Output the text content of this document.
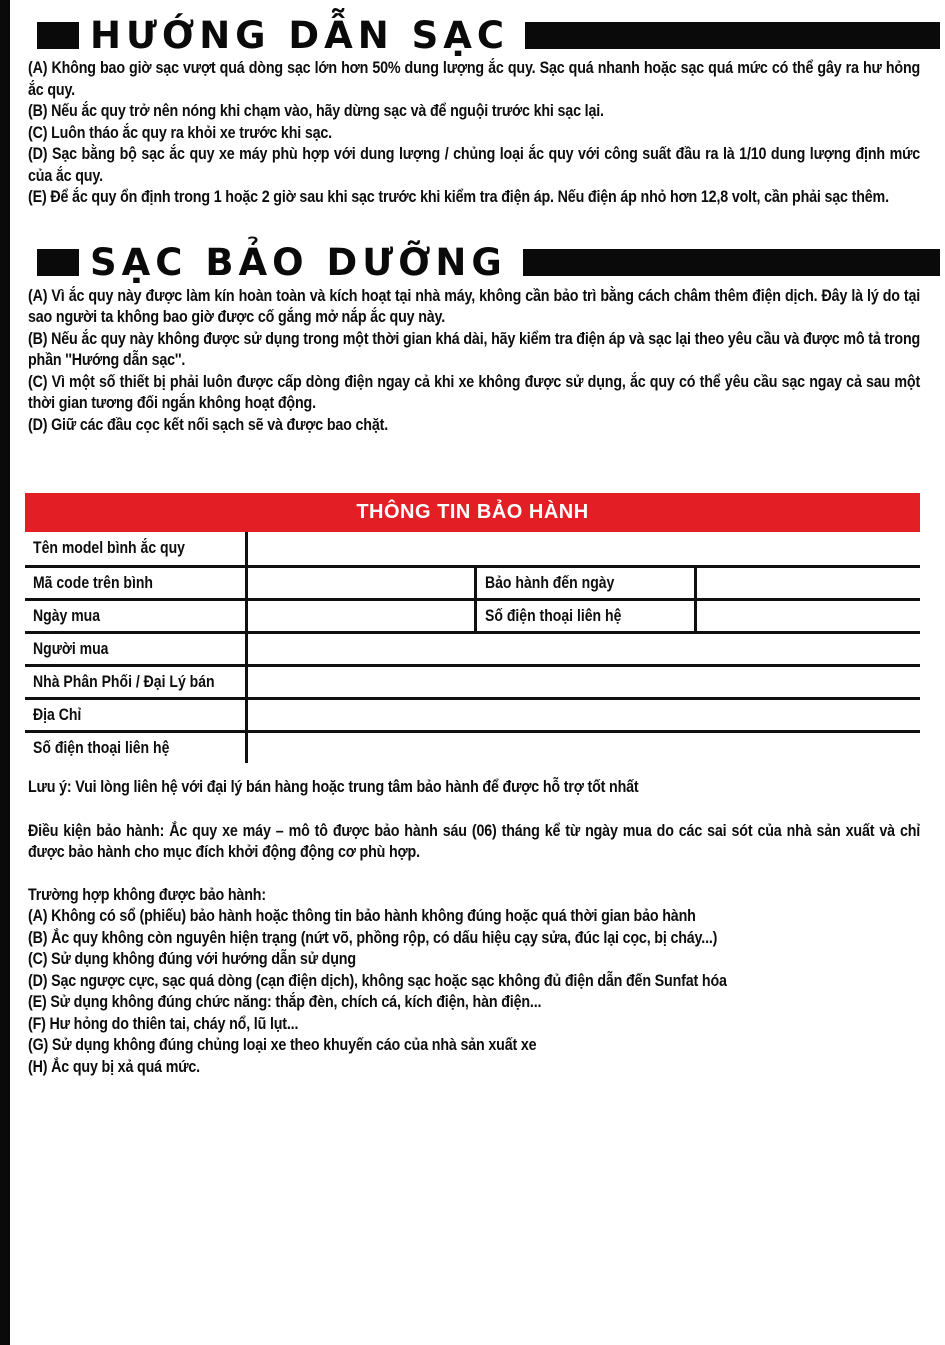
HƯỚNG DẪN SẠC

(A) Không bao giờ sạc vượt quá dòng sạc lớn hơn 50% dung lượng ắc quy. Sạc quá nhanh hoặc sạc quá mức có thể gây ra hư hỏng ắc quy.

(B) Nếu ắc quy trở nên nóng khi chạm vào, hãy dừng sạc và để nguội trước khi sạc lại.

(C) Luôn tháo ắc quy ra khỏi xe trước khi sạc.

(D) Sạc bằng bộ sạc ắc quy xe máy phù hợp với dung lượng / chủng loại ắc quy với công suất đầu ra là 1/10 dung lượng định mức của ắc quy.

(E) Để ắc quy ổn định trong 1 hoặc 2 giờ sau khi sạc trước khi kiểm tra điện áp. Nếu điện áp nhỏ hơn 12,8 volt, cần phải sạc thêm.

SẠC BẢO DƯỠNG

(A) Vì ắc quy này được làm kín hoàn toàn và kích hoạt tại nhà máy, không cần bảo trì bằng cách châm thêm điện dịch. Đây là lý do tại sao người ta không bao giờ được cố gắng mở nắp ắc quy này.

(B) Nếu ắc quy này không được sử dụng trong một thời gian khá dài, hãy kiểm tra điện áp và sạc lại theo yêu cầu và được mô tả trong phần ''Hướng dẫn sạc''.

(C) Vì một số thiết bị phải luôn được cấp dòng điện ngay cả khi xe không được sử dụng, ắc quy có thể yêu cầu sạc ngay cả sau một thời gian tương đối ngắn không hoạt động.

(D) Giữ các đầu cọc kết nối sạch sẽ và được bao chặt.

THÔNG TIN BẢO HÀNH
Tên model bình ắc quy
Mã code trên bình	Bảo hành đến ngày
Ngày mua	Số điện thoại liên hệ
Người mua
Nhà Phân Phối / Đại Lý bán
Địa Chỉ
Số điện thoại liên hệ

Lưu ý: Vui lòng liên hệ với đại lý bán hàng hoặc trung tâm bảo hành để được hỗ trợ tốt nhất

Điều kiện bảo hành: Ắc quy xe máy – mô tô được bảo hành sáu (06) tháng kể từ ngày mua do các sai sót của nhà sản xuất và chỉ được bảo hành cho mục đích khởi động động cơ phù hợp.

Trường hợp không được bảo hành:

(A) Không có sổ (phiếu) bảo hành hoặc thông tin bảo hành không đúng hoặc quá thời gian bảo hành

(B) Ắc quy không còn nguyên hiện trạng (nứt võ, phồng rộp, có dấu hiệu cạy sửa, đúc lại cọc, bị cháy...)

(C) Sử dụng không đúng với hướng dẫn sử dụng

(D) Sạc ngược cực, sạc quá dòng (cạn điện dịch), không sạc hoặc sạc không đủ điện dẫn đến Sunfat hóa

(E) Sử dụng không đúng chức năng: thắp đèn, chích cá, kích điện, hàn điện...

(F) Hư hỏng do thiên tai, cháy nổ, lũ lụt...

(G) Sử dụng không đúng chủng loại xe theo khuyến cáo của nhà sản xuất xe

(H) Ắc quy bị xả quá mức.
